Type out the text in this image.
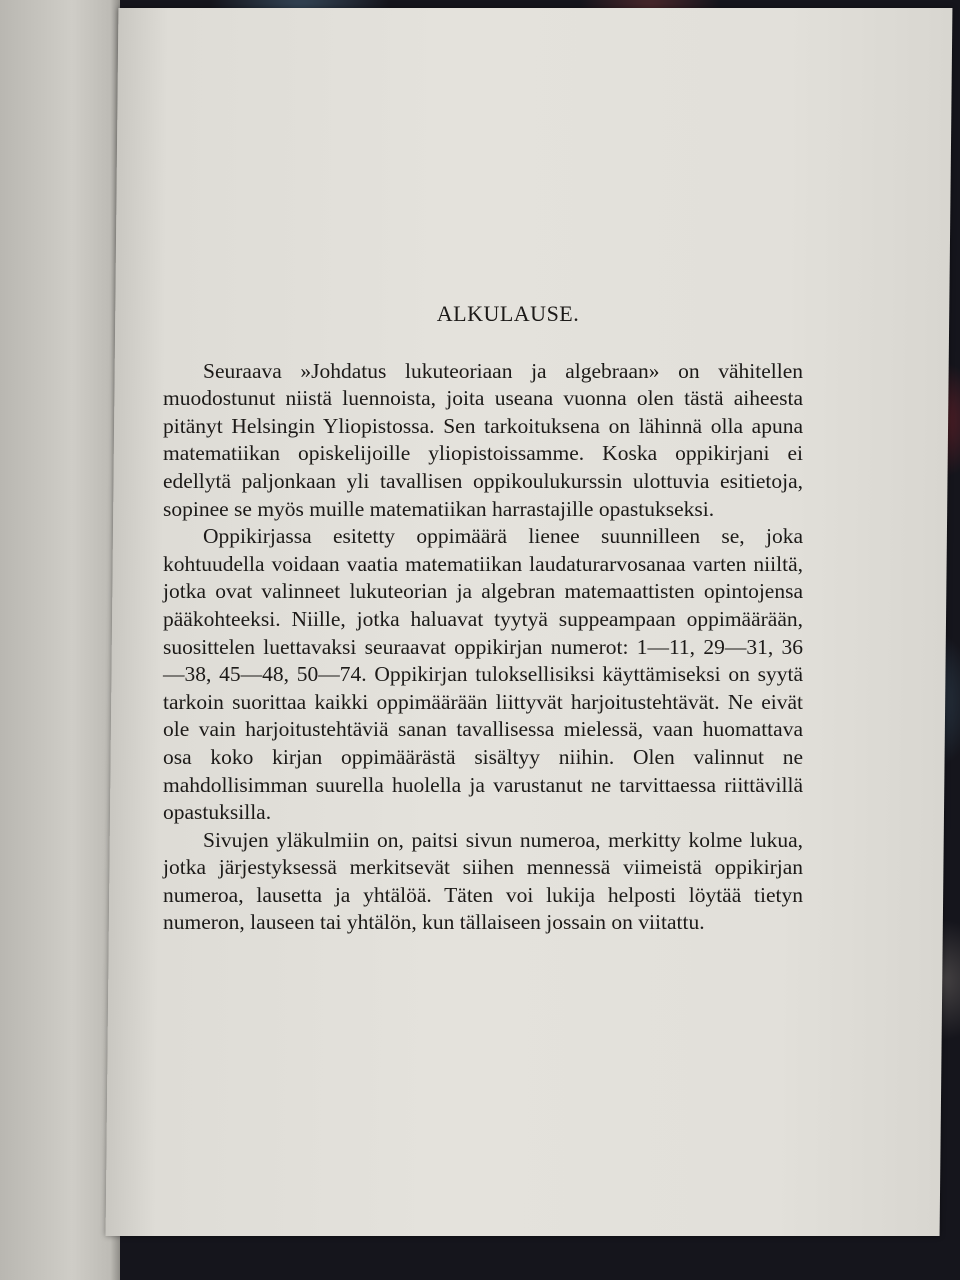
ALKULAUSE.

Seuraava »Johdatus lukuteoriaan ja algebraan» on vähitellen muodostunut niistä luennoista, joita useana vuonna olen tästä aiheesta pitänyt Helsingin Yliopistossa. Sen tarkoituksena on lähinnä olla apuna matematiikan opiskelijoille yliopistoissamme. Koska oppikirjani ei edellytä paljonkaan yli tavallisen oppikoulukurssin ulottuvia esitietoja, sopinee se myös muille matematiikan harrastajille opastukseksi.

Oppikirjassa esitetty oppimäärä lienee suunnilleen se, joka kohtuudella voidaan vaatia matematiikan laudaturarvosanaa varten niiltä, jotka ovat valinneet lukuteorian ja algebran matemaattisten opintojensa pääkohteeksi. Niille, jotka haluavat tyytyä suppeampaan oppimäärään, suosittelen luettavaksi seuraavat oppikirjan numerot: 1—11, 29—31, 36—38, 45—48, 50—74. Oppikirjan tuloksellisiksi käyttämiseksi on syytä tarkoin suorittaa kaikki oppimäärään liittyvät harjoitustehtävät. Ne eivät ole vain harjoitustehtäviä sanan tavallisessa mielessä, vaan huomattava osa koko kirjan oppimäärästä sisältyy niihin. Olen valinnut ne mahdollisimman suurella huolella ja varustanut ne tarvittaessa riittävillä opastuksilla.

Sivujen yläkulmiin on, paitsi sivun numeroa, merkitty kolme lukua, jotka järjestyksessä merkitsevät siihen mennessä viimeistä oppikirjan numeroa, lausetta ja yhtälöä. Täten voi lukija helposti löytää tietyn numeron, lauseen tai yhtälön, kun tällaiseen jossain on viitattu.
